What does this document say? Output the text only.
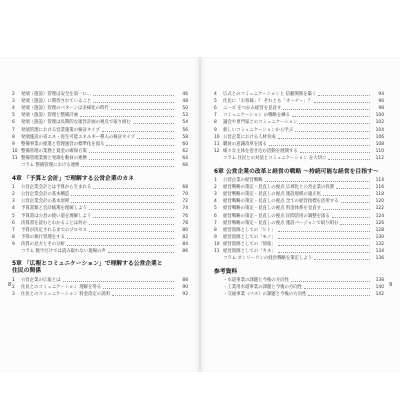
2	発端（施設）管理は安全を第一に…	46
3	発端（施設）に期待されていること	48
4	発端（施設）管理のパターンは多様化の時代	50
5	発端（施設）管理と整備計画	52
6	発端（施設）管理は長期的な運営計画の視点で取り組む	54
7	発端管理における営業施策の検討タイプ	56
8	発端施設の省エネ・再生可能エネルギー導入の検討タイプ	58
9	整備事業の推進と管理運営の標準化を図る	60
10 整備管理の業務と資金の確保方策	62
11 整備管理業務と発端を動員の連携	64
コラム 整備管理における連携	66
4章 「予算と会計」で理解する公営企業のカネ
1	公営企業会計とは予算から生まれる	68
2	公営企業会計の基本構造	70
3	公営企業会計の基本原則	72
4	予算書類と会計帳簿を理解しよう	74
5	予算書は公営の使い道を理解しよう	76
6	決算書を読むとわかることは何か	78
7	予算が決定されるまでのプロセス	80
8	予算の執行管理をする	82
9	決算の見方とその分析	84
コラム 数字だけでは読み取れない現場の声	86
5章 「広報とコミュニケーション」で理解する公営企業と
住民の関係
1	公営企業の広報とは	88
2	住民とのコミュニケーション 理解を得る	90
3	住民とのコミュニケーション 料金改定の説明	92
4	広式とのコミュニケーションと 信頼関係を築く	94
5	住民に「お客様」？ それとも「オーナー」？	96
6	ニーズ をつかみ経営を見直す	98
7	コミュニケーション の戦略を練る	100
8	議会や専門家とのコミュニケーション	102
9	新しいコミュニケーションから学ぶ	104
10 公営企業における人材育成	106
11 職員の意識改革を図る	108
12 様々な主体を巻き込む活動を展開する	110
コラム 住民との対話とコミュニケーション を大切に	112
6章 公営企業の改革と経営の戦略 〜持続可能な経営を目指す〜
1	公営企業の経営戦略	114
2	経営戦略の策定・見直しの視点 広域化と公営企業の役割	116
3	経営戦略の策定・見直しの視点 施設規模の適正化	118
4	経営戦略の策定・見直しの視点 全ての経営指標を活用する	120
5	経営戦略の策定・見直しの視点 料金体系を見直す	122
6	経営戦略の策定・見直しの視点 民間活用の調整を図る	124
7	経営戦略の策定・見直しの視点 施設バージョンで取り組む	126
8	経営資源としての「ヒト」	128
9	経営資源としての「モノ」	130
10 経営資源としての「情報」	132
11 経営資源としての「カネ」	134
コラム オンリーワンの経営戦略を策定しよう	136
参考資料
・水道事業の課題と今後の方向性	138
・工業用水道事業の課題と今後の方向性	140
・交通事業（バス）の課題と今後の方向性	142
8	9
